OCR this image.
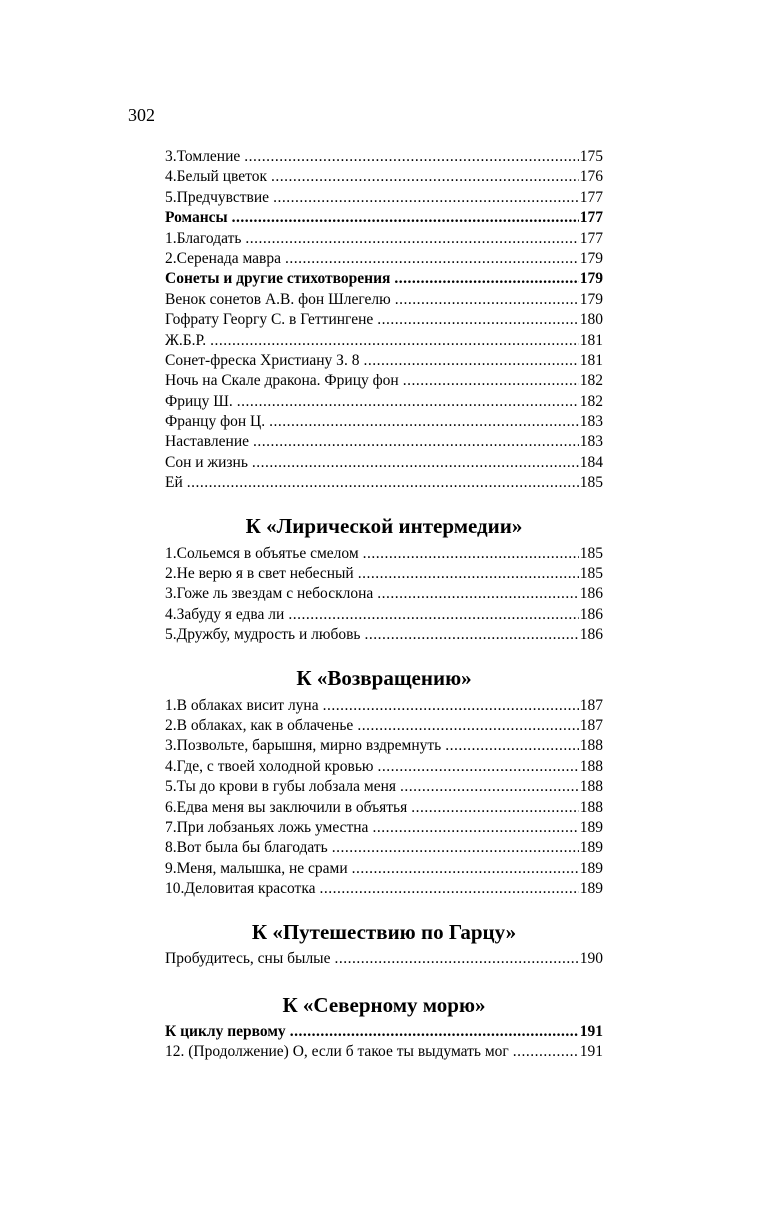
302
3.Томление .....	175
4.Белый цветок .....	176
5.Предчувствие .....	177
Романсы .....	177
1.Благодать .....	177
2.Серенада мавра .....	179
Сонеты и другие стихотворения .....	179
Венок сонетов А.В. фон Шлегелю .....	179
Гофрату Георгу С. в Геттингене .....	180
Ж.Б.Р. .....	181
Сонет-фреска Христиану З. 8 .....	181
Ночь на Скале дракона. Фрицу фон .....	182
Фрицу Ш. .....	182
Францу фон Ц. .....	183
Наставление .....	183
Сон и жизнь .....	184
Ей .....	185
К «Лирической интермедии»
1.Сольемся в объятье смелом .....	185
2.Не верю я в свет небесный .....	185
3.Гоже ль звездам с небосклона .....	186
4.Забуду я едва ли .....	186
5.Дружбу, мудрость и любовь .....	186
К «Возвращению»
1.В облаках висит луна .....	187
2.В облаках, как в облаченье .....	187
3.Позвольте, барышня, мирно вздремнуть .....	188
4.Где, с твоей холодной кровью .....	188
5.Ты до крови в губы лобзала меня .....	188
6.Едва меня вы заключили в объятья .....	188
7.При лобзаньях ложь уместна .....	189
8.Вот была бы благодать .....	189
9.Меня, малышка, не срами .....	189
10.Деловитая красотка .....	189
К «Путешествию по Гарцу»
Пробудитесь, сны былые .....	190
К «Северному морю»
К циклу первому .....	191
12. (Продолжение) О, если б такое ты выдумать мог .....	191
